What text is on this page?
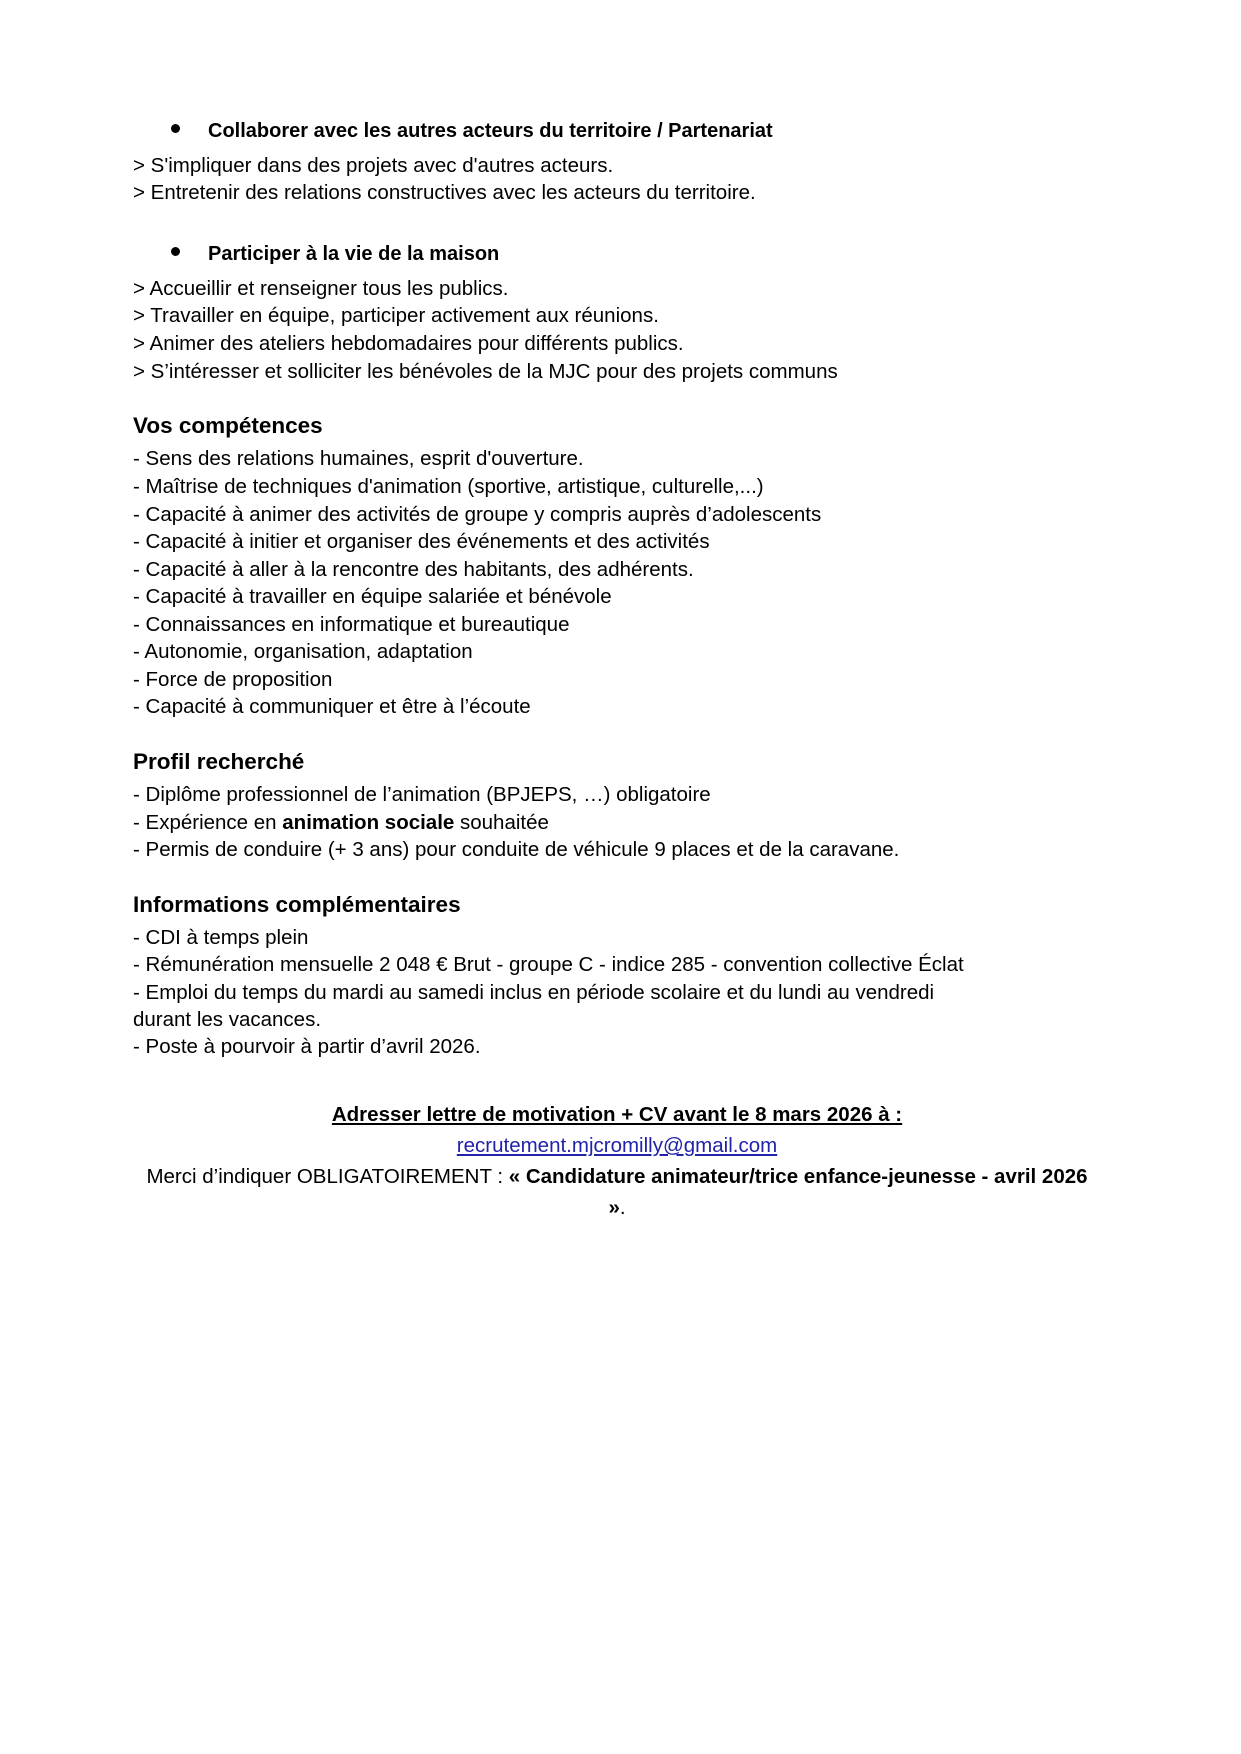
Collaborer avec les autres acteurs du territoire / Partenariat

> S'impliquer dans des projets avec d'autres acteurs.

> Entretenir des relations constructives avec les acteurs du territoire.

Participer à la vie de la maison

> Accueillir et renseigner tous les publics.

> Travailler en équipe, participer activement aux réunions.

> Animer des ateliers hebdomadaires pour différents publics.

> S’intéresser et solliciter les bénévoles de la MJC pour des projets communs

Vos compétences

- Sens des relations humaines, esprit d'ouverture.

- Maîtrise de techniques d'animation (sportive, artistique, culturelle,...)

- Capacité à animer des activités de groupe y compris auprès d’adolescents

- Capacité à initier et organiser des événements et des activités

- Capacité à aller à la rencontre des habitants, des adhérents.

- Capacité à travailler en équipe salariée et bénévole

- Connaissances en informatique et bureautique

- Autonomie, organisation, adaptation

- Force de proposition

- Capacité à communiquer et être à l’écoute

Profil recherché

- Diplôme professionnel de l’animation (BPJEPS, …) obligatoire

- Expérience en animation sociale souhaitée

- Permis de conduire (+ 3 ans) pour conduite de véhicule 9 places et de la caravane.

Informations complémentaires

- CDI à temps plein

- Rémunération mensuelle 2 048 € Brut - groupe C - indice 285 - convention collective Éclat

- Emploi du temps du mardi au samedi inclus en période scolaire et du lundi au vendredi

durant les vacances.

- Poste à pourvoir à partir d’avril 2026.

Adresser lettre de motivation + CV avant le 8 mars 2026 à :
recrutement.mjcromilly@gmail.com
Merci d’indiquer OBLIGATOIREMENT : « Candidature animateur/trice enfance-jeunesse - avril 2026 ».
